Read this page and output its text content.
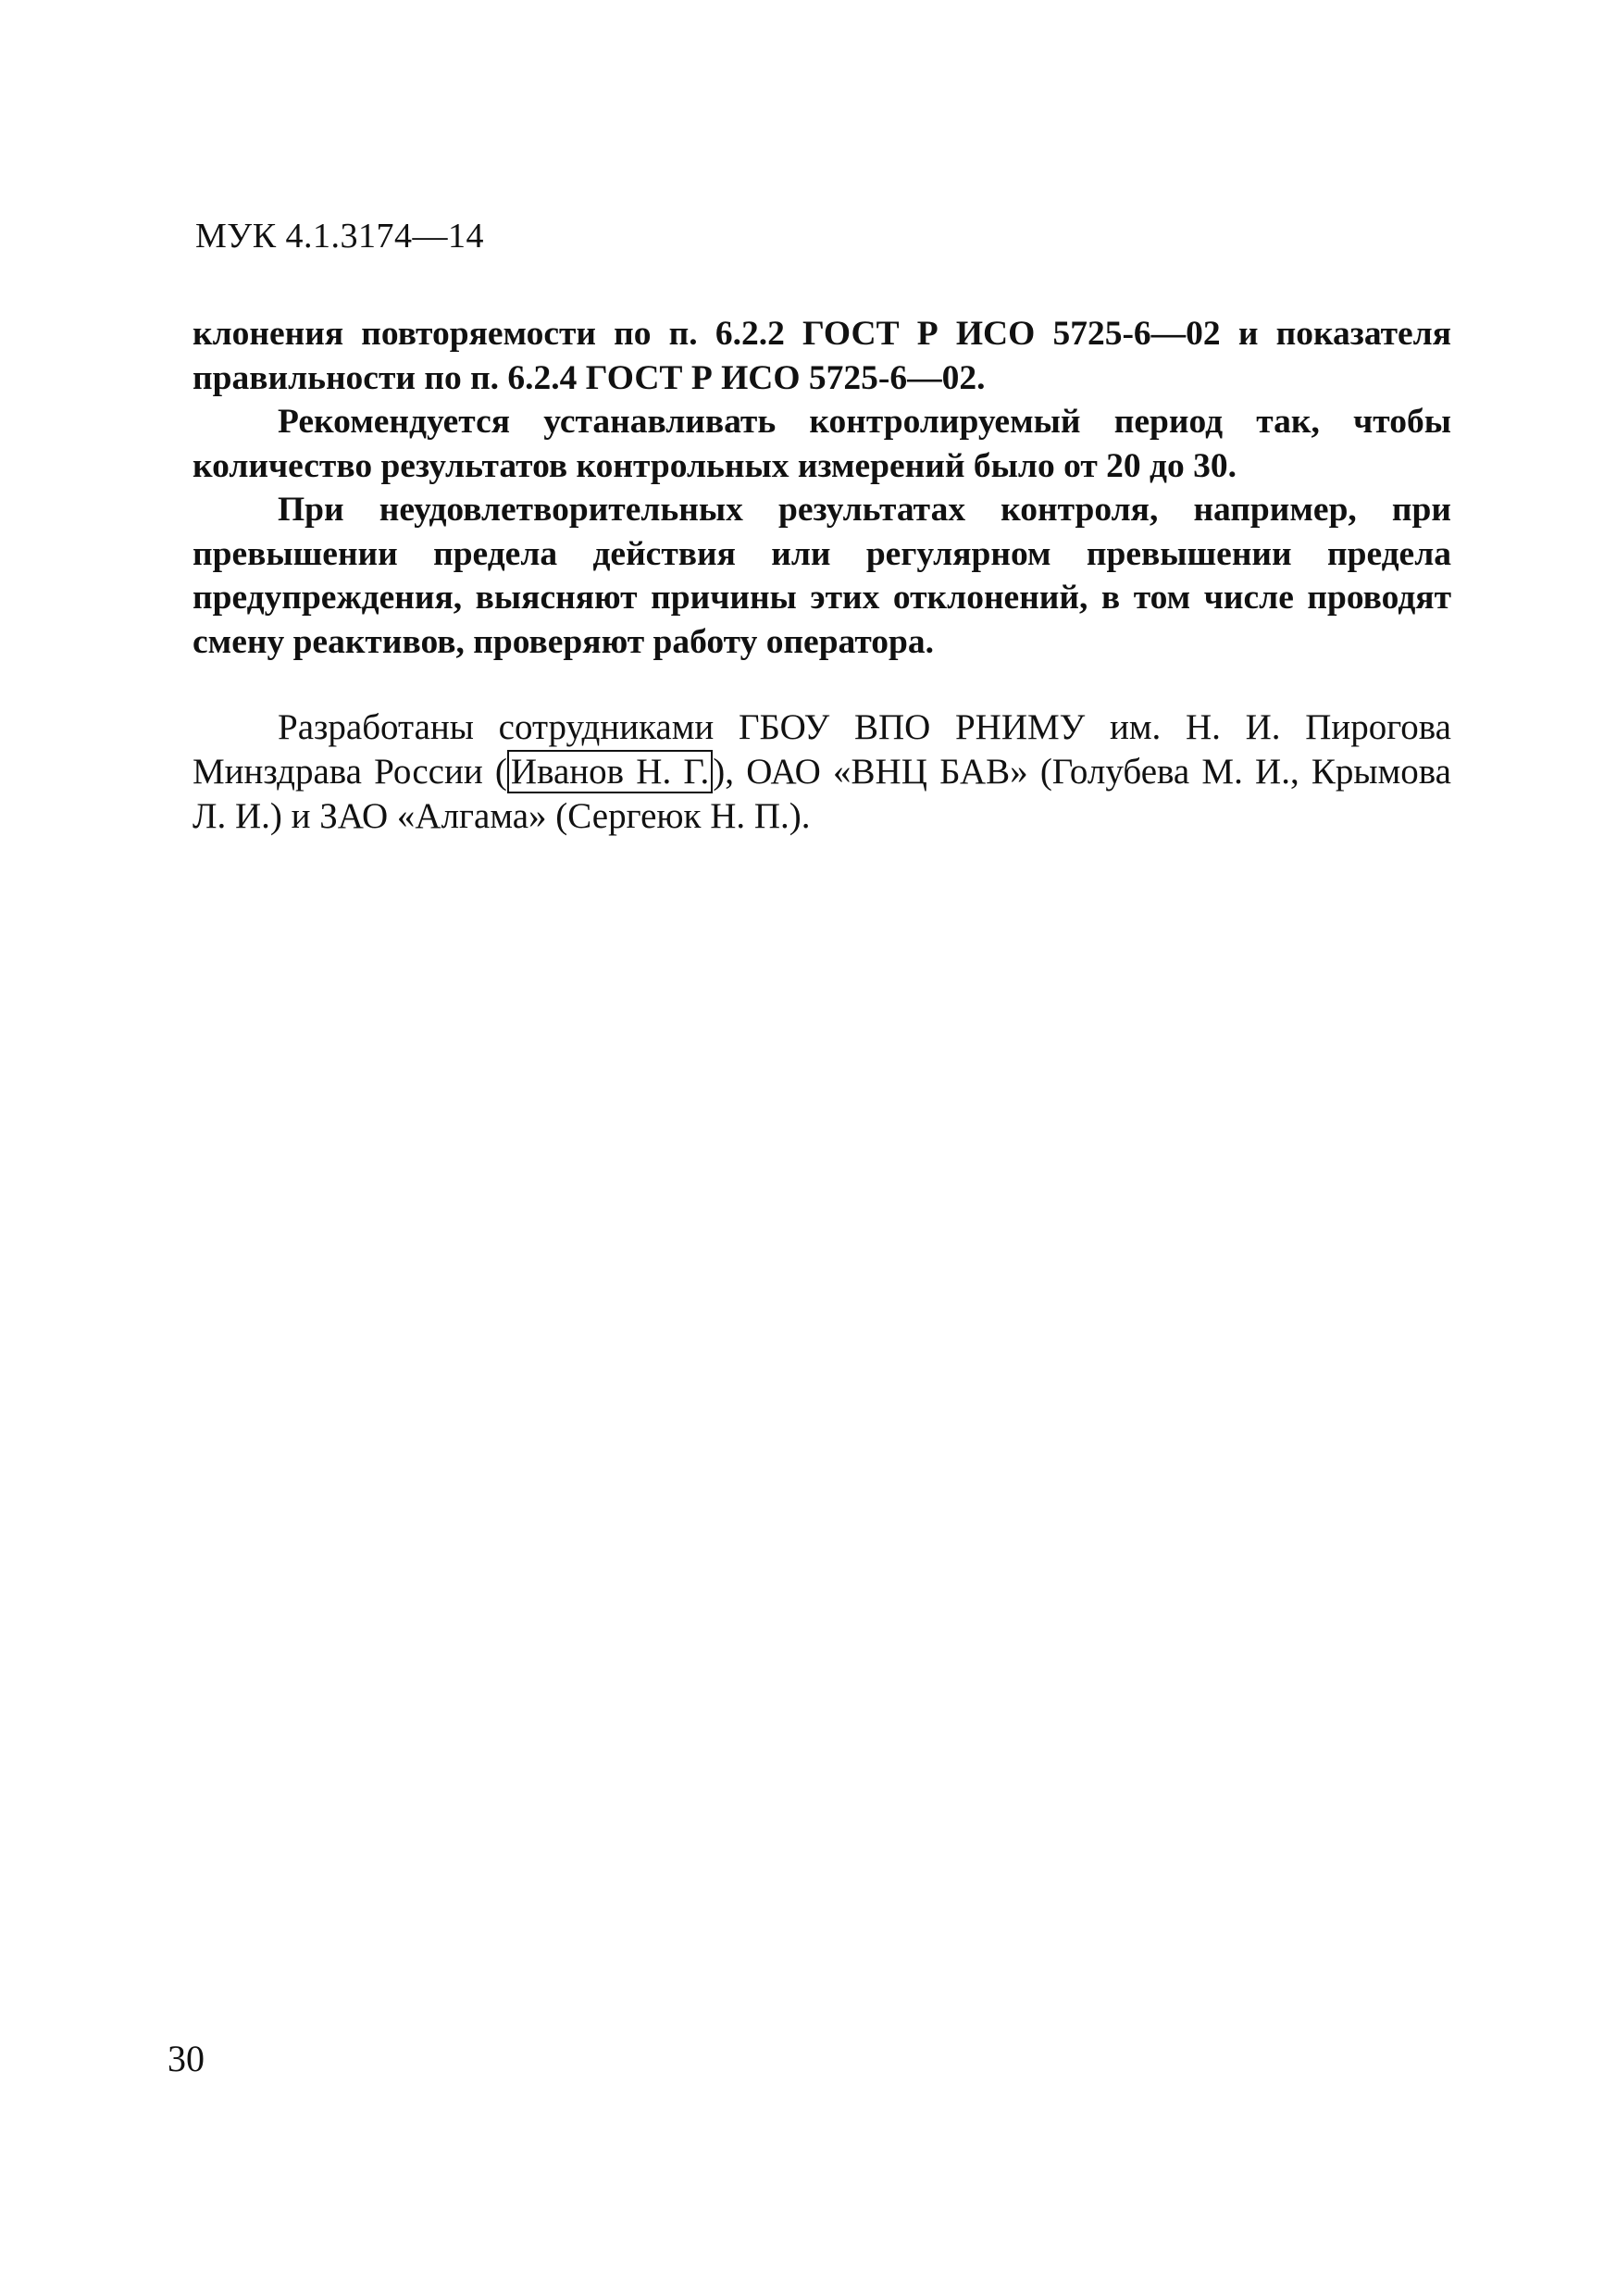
МУК 4.1.3174—14

клонения повторяемости по п. 6.2.2 ГОСТ Р ИСО 5725-6—02 и показателя правильности по п. 6.2.4 ГОСТ Р ИСО 5725-6—02.

Рекомендуется устанавливать контролируемый период так, чтобы количество результатов контрольных измерений было от 20 до 30.

При неудовлетворительных результатах контроля, например, при превышении предела действия или регулярном превышении предела предупреждения, выясняют причины этих отклонений, в том числе проводят смену реактивов, проверяют работу оператора.

Разработаны сотрудниками ГБОУ ВПО РНИМУ им. Н. И. Пирогова Минздрава России ( Иванов Н. Г. ), ОАО «ВНЦ БАВ» (Голубева М. И., Крымова Л. И.) и ЗАО «Алгама» (Сергеюк Н. П.).

30
